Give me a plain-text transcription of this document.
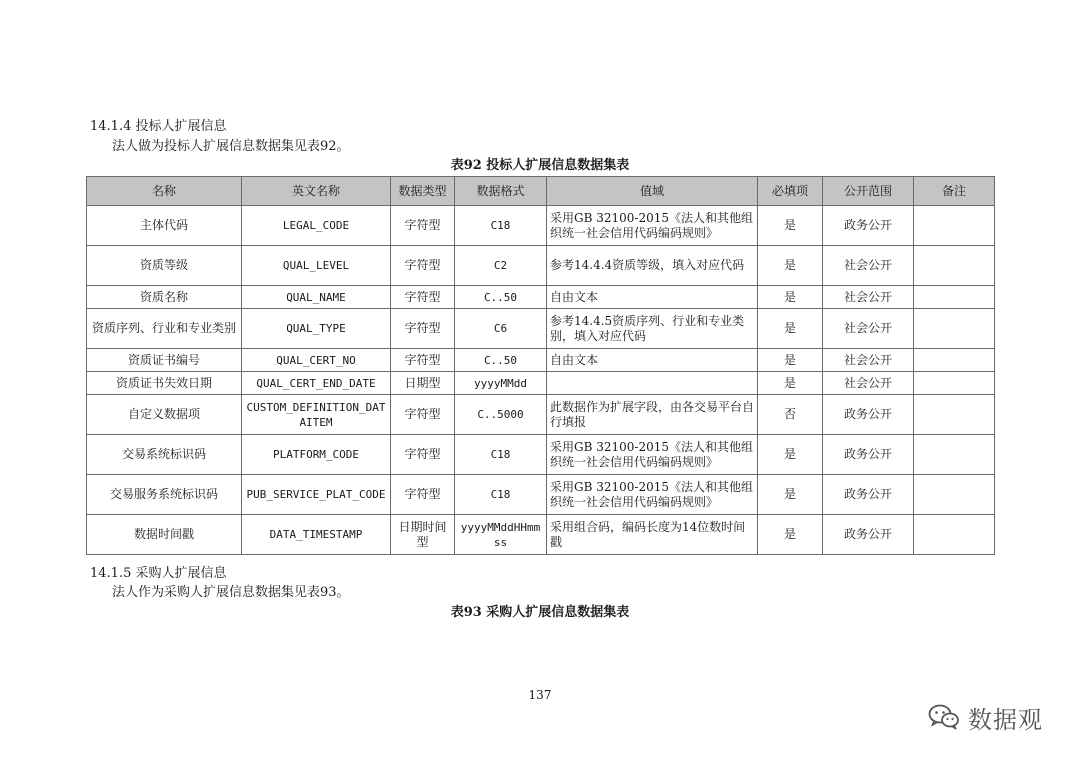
14.1.4 投标人扩展信息
法人做为投标人扩展信息数据集见表92。
表92 投标人扩展信息数据集表
名称	英文名称	数据类型	数据格式	值域	必填项	公开范围	备注
主体代码	LEGAL_CODE	字符型	C18	采用GB 32100-2015《法人和其他组织统一社会信用代码编码规则》	是	政务公开	
资质等级	QUAL_LEVEL	字符型	C2	参考14.4.4资质等级，填入对应代码	是	社会公开	
资质名称	QUAL_NAME	字符型	C..50	自由文本	是	社会公开	
资质序列、行业和专业类别	QUAL_TYPE	字符型	C6	参考14.4.5资质序列、行业和专业类别，填入对应代码	是	社会公开	
资质证书编号	QUAL_CERT_NO	字符型	C..50	自由文本	是	社会公开	
资质证书失效日期	QUAL_CERT_END_DATE	日期型	yyyyMMdd		是	社会公开	
自定义数据项	CUSTOM_DEFINITION_DATAITEM	字符型	C..5000	此数据作为扩展字段，由各交易平台自行填报	否	政务公开	
交易系统标识码	PLATFORM_CODE	字符型	C18	采用GB 32100-2015《法人和其他组织统一社会信用代码编码规则》	是	政务公开	
交易服务系统标识码	PUB_SERVICE_PLAT_CODE	字符型	C18	采用GB 32100-2015《法人和其他组织统一社会信用代码编码规则》	是	政务公开	
数据时间戳	DATA_TIMESTAMP	日期时间型	yyyyMMddHHmmss	采用组合码，编码长度为14位数时间戳	是	政务公开	
14.1.5 采购人扩展信息
法人作为采购人扩展信息数据集见表93。
表93 采购人扩展信息数据集表
137
数据观
